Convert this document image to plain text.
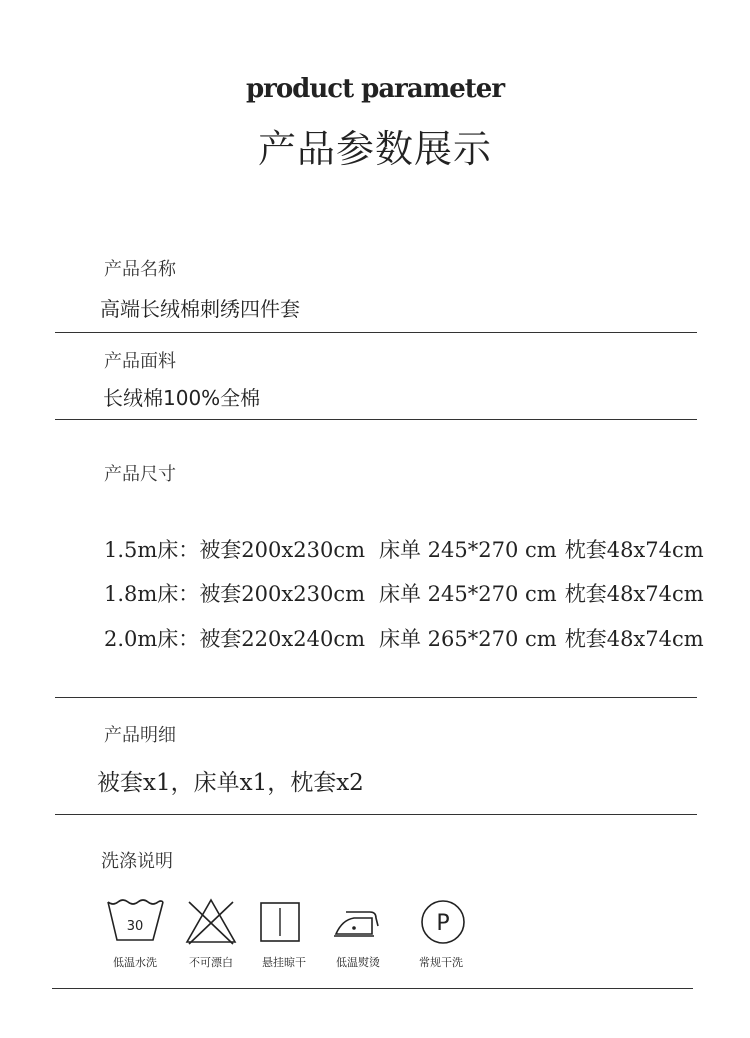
product parameter
产品参数展示
产品名称
高端长绒棉刺绣四件套
产品面料
长绒棉100%全棉
产品尺寸
1.5m床：被套200x230cm 床单 245*270 cm 枕套48x74cm
1.8m床：被套200x230cm 床单 245*270 cm 枕套48x74cm
2.0m床：被套220x240cm 床单 265*270 cm 枕套48x74cm
产品明细
被套x1，床单x1，枕套x2
洗涤说明
30
低温水洗	不可漂白	悬挂晾干	低温熨烫
P
常规干洗
